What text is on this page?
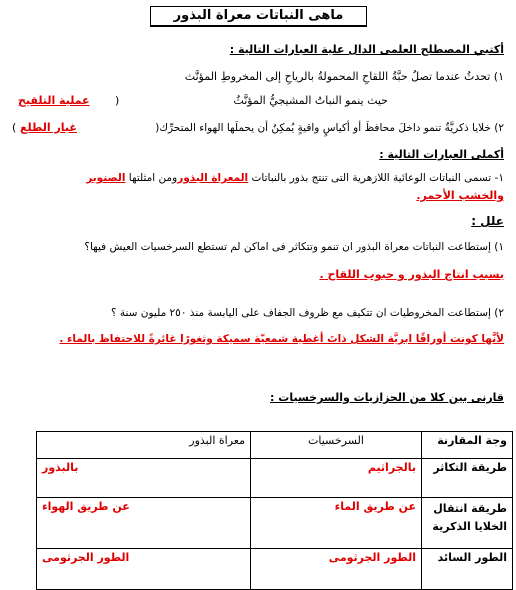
ماهى النباتات معراة البذور
أكتبي المصطلح العلمى الدال علية العبارات التالية :
١) تحدثُ عندما تصلُ حبَّةُ اللقاحِ المحمولةُ بالرياحِ إلى المخروطِ المؤنَّث
حيث ينمو النباتُ المشيجيُّ المؤنَّثُ
(
عملية التلقيح
٢) خلايا ذكريَّةٌ تنمو داخلَ محافظَ أو أكياسٍ واقيةٍ يُمكِنُ أن يحملَها الهواء المتحرِّك(
غبار الطلع
)
أكملى العبارات التالية :
١- تسمى النباتات الوعائية اللازهرية التى تنتج بذور بالنباتات المعراة البذورومن امثلتها الصنوبر
والخشب الأحمر.
علل :
١) إستطاعت النباتات معراة البذور ان تنمو وتتكاثر فى اماكن لم تستطع السرخسيات العيش فيها؟
بسبب انتاج البذور و حبوب اللقاح .
٢) إستطاعت المخروطيات ان تتكيف مع ظروف الجفاف على اليابسة منذ ٢٥٠ مليون سنة ؟
لأنَّها كونت أوراقًا ابريَّة الشكل ذاتَ أغطية شمعيّة سميكة وثغورًا غائرةً للاحتفاظ بالماء .
قارنى بين كلا من الحزازيات والسرخسيات :
وجة المقارنة	السرخسيات	معراة البذور
طريقة التكاثر	بالجراثيم	بالبذور
طريقة انتقال الخلايا الذكرية	عن طريق الماء	عن طريق الهواء
الطور السائد	الطور الجرثومى	الطور الجرثومى
